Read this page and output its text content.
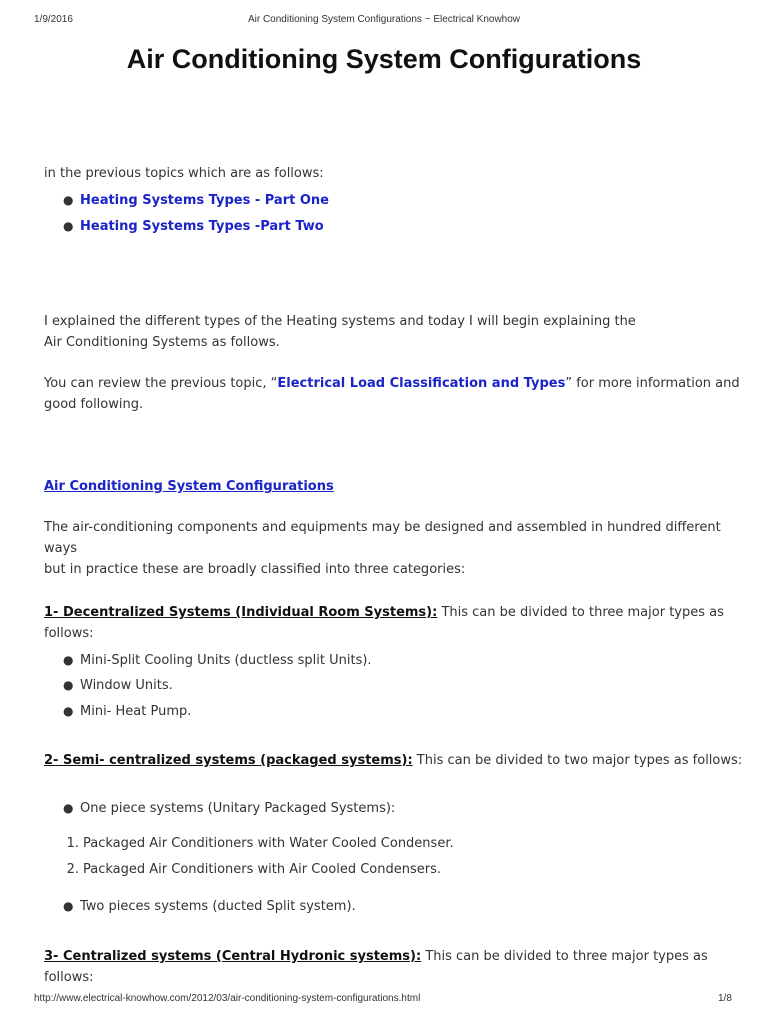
1/9/2016	Air Conditioning System Configurations ~ Electrical Knowhow
Air Conditioning System Configurations

in the previous topics which are as follows:

● Heating Systems Types - Part One
● Heating Systems Types -Part Two

I explained the different types of the Heating systems and today I will begin explaining the
Air Conditioning Systems as follows.

You can review the previous topic, “Electrical Load Classification and Types” for more information and
good following.

Air Conditioning System Configurations

The air-conditioning components and equipments may be designed and assembled in hundred different ways
but in practice these are broadly classified into three categories:

1- Decentralized Systems (Individual Room Systems): This can be divided to three major types as follows:

● Mini-Split Cooling Units (ductless split Units).
● Window Units.
● Mini- Heat Pump.

2- Semi- centralized systems (packaged systems): This can be divided to two major types as follows:

● One piece systems (Unitary Packaged Systems):
1. Packaged Air Conditioners with Water Cooled Condenser.
2. Packaged Air Conditioners with Air Cooled Condensers.
● Two pieces systems (ducted Split system).

3- Centralized systems (Central Hydronic systems): This can be divided to three major types as follows:

http://www.electrical-knowhow.com/2012/03/air-conditioning-system-configurations.html	1/8
